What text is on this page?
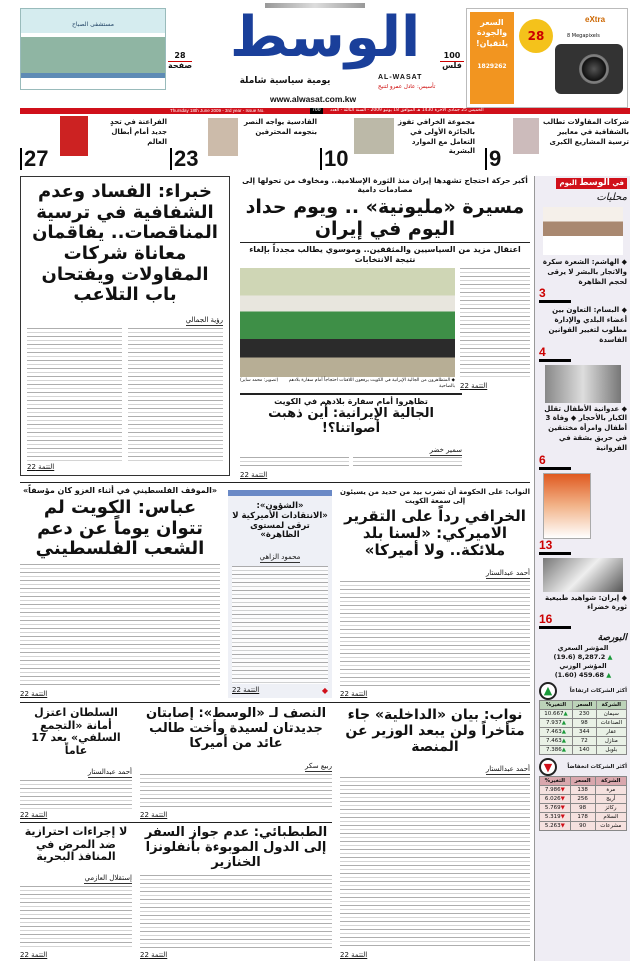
مستشفى الصباح
28
صفحة الوسط
يومية سياسية شاملة	AL-WASAT
تأسيس: عادل عمرو لتنيح
www.alwasat.com.kw
100
فلس
السعر
والجودة
يلتقيان!
1829262
28
eXtra
8 Megapixels
Thursday 18th June 2009 - 3rd year - Issue No.	700	الخميس 25 جمادى الآخرة 1430 هـ الموافق 18 يونيو 2009 - السنة الثالثة - العدد
شركات المقاولات تطالب بالشفافية في معايير ترسية المشاريع الكبرى
9
مجموعة الخرافي تفوز بالجائزة الأولى في التعامل مع الموارد البشرية
10
القادسية يواجه النصر بنجومه المحترفين
23
الفراعنة في تحدٍ جديد أمام أبطال العالم
27
في الوسط اليوم
محليات
◆ الهاشم: الشعرة سكرة والاتجار بالبشر لا يرقى لحجم الظاهرة
3
◆ البسام: التعاون بين أعضاء البلدي والإدارة مطلوب لتغيير القوانين الفاسدة
4
◆ عدوانية الأطفال تقلل الكبار بالأحجار ◆ وفاة 3 أطفال وامرأة مختنقين في حريق بشقة في الفروانية
6
13
◆ إيران: شواهيد طبيعية ثورة خضراء
16
البورصة
المؤشر السعري
(19.6) 8,287.2 ▲
المؤشر الوزني
(1.60) 459.68 ▲
▲	أكثر الشركات ارتفاعاً
الشركة	السعر	التغير%
سيمان	230	▲10.667
الصناعات	98	▲7.937
عقار	344	▲7.463
منازل	72	▲7.463
بلوبل	140	▲7.386
▼	أكثر الشركات انخفاضاً
الشركة	السعر	التغير%
مرة	138	▼7.986
أريج	256	▼6.026
ركائز	98	▼5.769
السلام	178	▼5.319
مشرعات	90	▼5.263
خبراء: الفساد وعدم الشفافية في ترسية المناقصات.. يفاقمان معاناة شركات المقاولات ويفتحان باب التلاعب
رؤية الجمالي
التتمة 22
أكبر حركة احتجاج تشهدها إيران منذ الثورة الإسلامية.. ومخاوف من تحولها إلى مصادمات دامية
مسيرة «مليونية» .. ويوم حداد اليوم في إيران
اعتقال مزيد من السياسيين والمثقفين.. وموسوي يطالب مجدداً بإلغاء نتيجة الانتخابات
(تصوير: محمد ساير)	◆ المتظاهرون من الجالية الإيرانية في الكويت يرفعون اللافتات احتجاجاً أمام سفارة بلادهم بالضاحية التتمة 22
تظاهروا أمام سفارة بلادهم في الكويت
الجالية الإيرانية: أين ذهبت أصواتنا؟!
سمير خضر
التتمة 22
«الموقف الفلسطيني في أثناء الغزو كان مؤسفاً»
عباس: الكويت لم تتوان يوماً عن دعم الشعب الفلسطيني
التتمة 22
«الشؤون»: «الانتقادات الأميركية لا ترقى لمستوى الظاهرة»
محمود الزاهي
التتمة 22	◆
النواب: على الحكومة أن تضرب بيد من حديد من يسيئون إلى سمعة الكويت
الخرافي رداً على التقرير الاميركي: «لسنا بلد ملائكة.. ولا أميركا»
أحمد عبدالستار
التتمة 22
نواب: بيان «الداخلية» جاء متأخراً ولن يبعد الوزير عن المنصة
أحمد عبدالستار
التتمة 22
النصف لـ «الوسط»: إصابتان جديدتان لسيدة وأخت طالب عائد من أميركا
ربيع سكر
التتمة 22
السلطان اعتزل أمانة «التجمع السلفي» بعد 17 عاماً
أحمد عبدالستار
التتمة 22
الطبطبائي: عدم جواز السفر إلى الدول الموبوءة بأنفلونزا الخنازير
التتمة 22
لا إجراءات احترازية ضد المرض في المنافذ البحرية
إستقلال العازمي
التتمة 22
